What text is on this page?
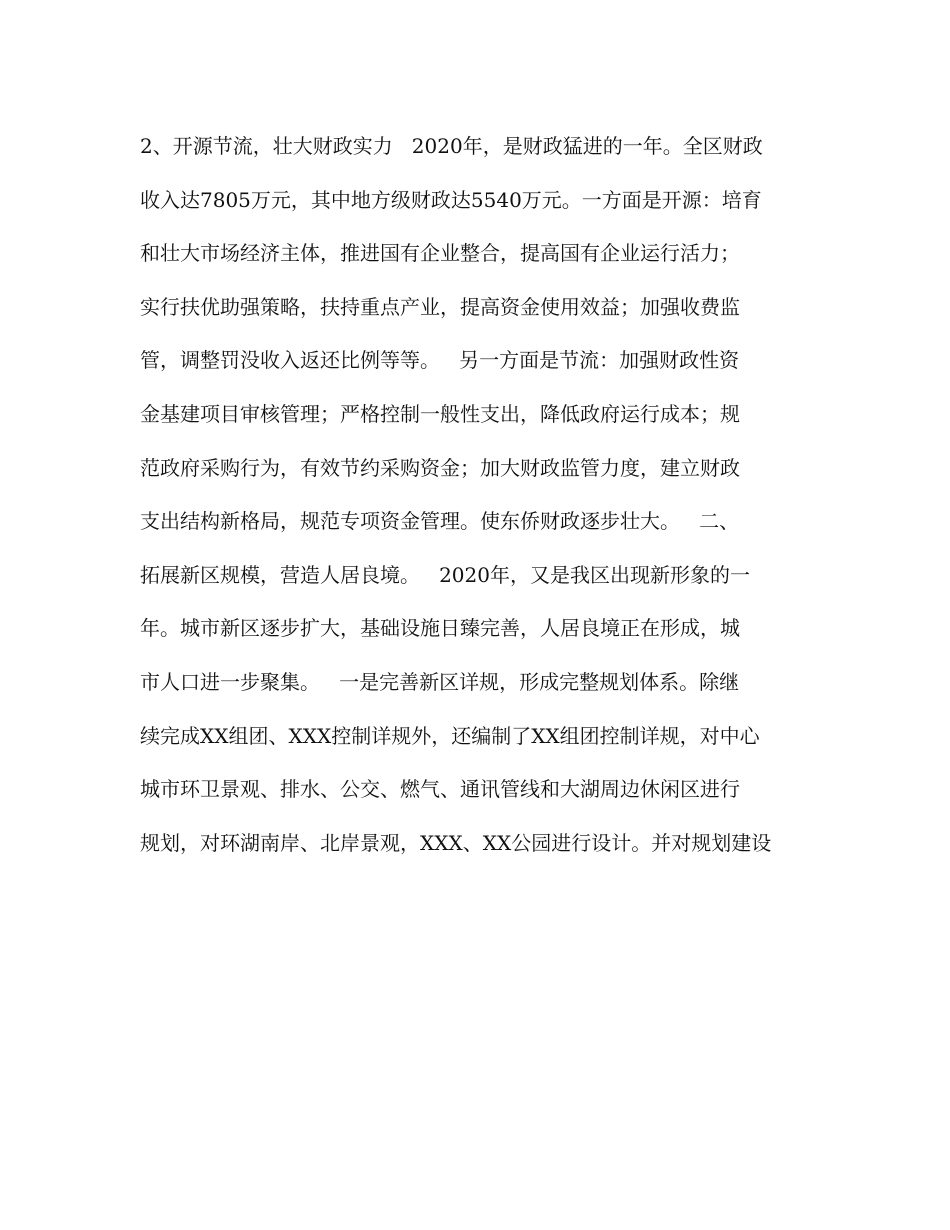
2、开源节流，壮大财政实力   2020年，是财政猛进的一年。全区财政
收入达7805万元，其中地方级财政达5540万元。一方面是开源：培育
和壮大市场经济主体，推进国有企业整合，提高国有企业运行活力；
实行扶优助强策略，扶持重点产业，提高资金使用效益；加强收费监
管，调整罚没收入返还比例等等。   另一方面是节流：加强财政性资
金基建项目审核管理；严格控制一般性支出，降低政府运行成本；规
范政府采购行为，有效节约采购资金；加大财政监管力度，建立财政
支出结构新格局，规范专项资金管理。使东侨财政逐步壮大。   二、
拓展新区规模，营造人居良境。   2020年，又是我区出现新形象的一
年。城市新区逐步扩大，基础设施日臻完善，人居良境正在形成，城
市人口进一步聚集。   一是完善新区详规，形成完整规划体系。除继
续完成XX组团、XXX控制详规外，还编制了XX组团控制详规，对中心
城市环卫景观、排水、公交、燃气、通讯管线和大湖周边休闲区进行
规划，对环湖南岸、北岸景观，XXX、XX公园进行设计。并对规划建设
